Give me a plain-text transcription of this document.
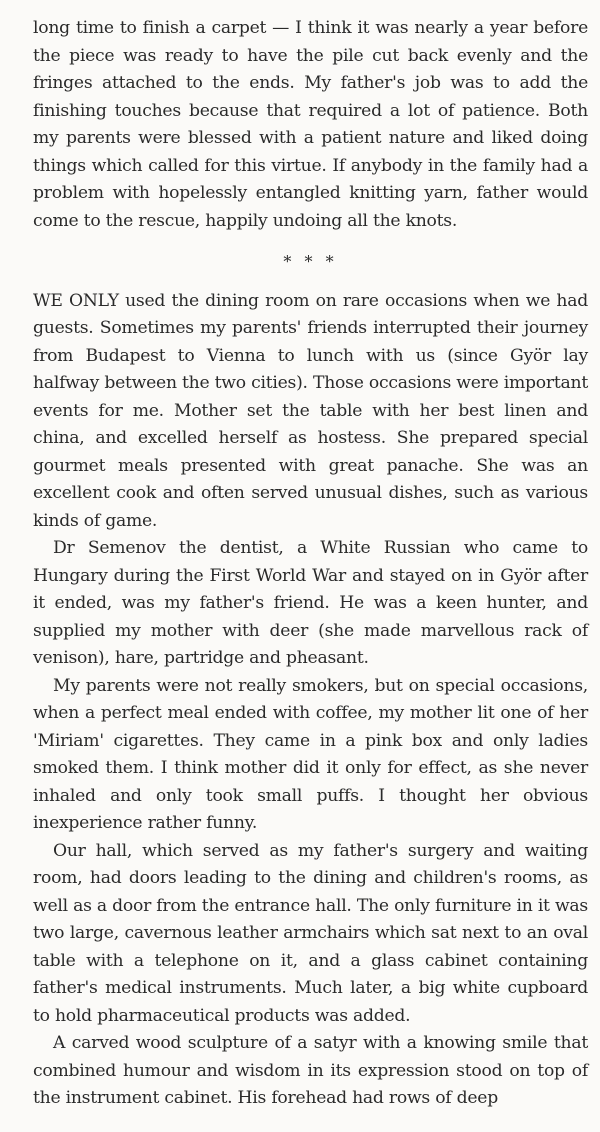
long time to finish a carpet — I think it was nearly a year before the piece was ready to have the pile cut back evenly and the fringes attached to the ends. My father's job was to add the finishing touches because that required a lot of patience. Both my parents were blessed with a patient nature and liked doing things which called for this virtue. If anybody in the family had a problem with hopelessly entangled knitting yarn, father would come to the rescue, happily undoing all the knots.

* * *

WE ONLY used the dining room on rare occasions when we had guests. Sometimes my parents' friends interrupted their journey from Budapest to Vienna to lunch with us (since Györ lay halfway between the two cities). Those occasions were important events for me. Mother set the table with her best linen and china, and excelled herself as hostess. She prepared special gourmet meals presented with great panache. She was an excellent cook and often served unusual dishes, such as various kinds of game.

Dr Semenov the dentist, a White Russian who came to Hungary during the First World War and stayed on in Györ after it ended, was my father's friend. He was a keen hunter, and supplied my mother with deer (she made marvellous rack of venison), hare, partridge and pheasant.

My parents were not really smokers, but on special occasions, when a perfect meal ended with coffee, my mother lit one of her 'Miriam' cigarettes. They came in a pink box and only ladies smoked them. I think mother did it only for effect, as she never inhaled and only took small puffs. I thought her obvious inexperience rather funny.

Our hall, which served as my father's surgery and waiting room, had doors leading to the dining and children's rooms, as well as a door from the entrance hall. The only furniture in it was two large, cavernous leather armchairs which sat next to an oval table with a telephone on it, and a glass cabinet containing father's medical instruments. Much later, a big white cupboard to hold pharmaceutical products was added.

A carved wood sculpture of a satyr with a knowing smile that combined humour and wisdom in its expression stood on top of the instrument cabinet. His forehead had rows of deep
